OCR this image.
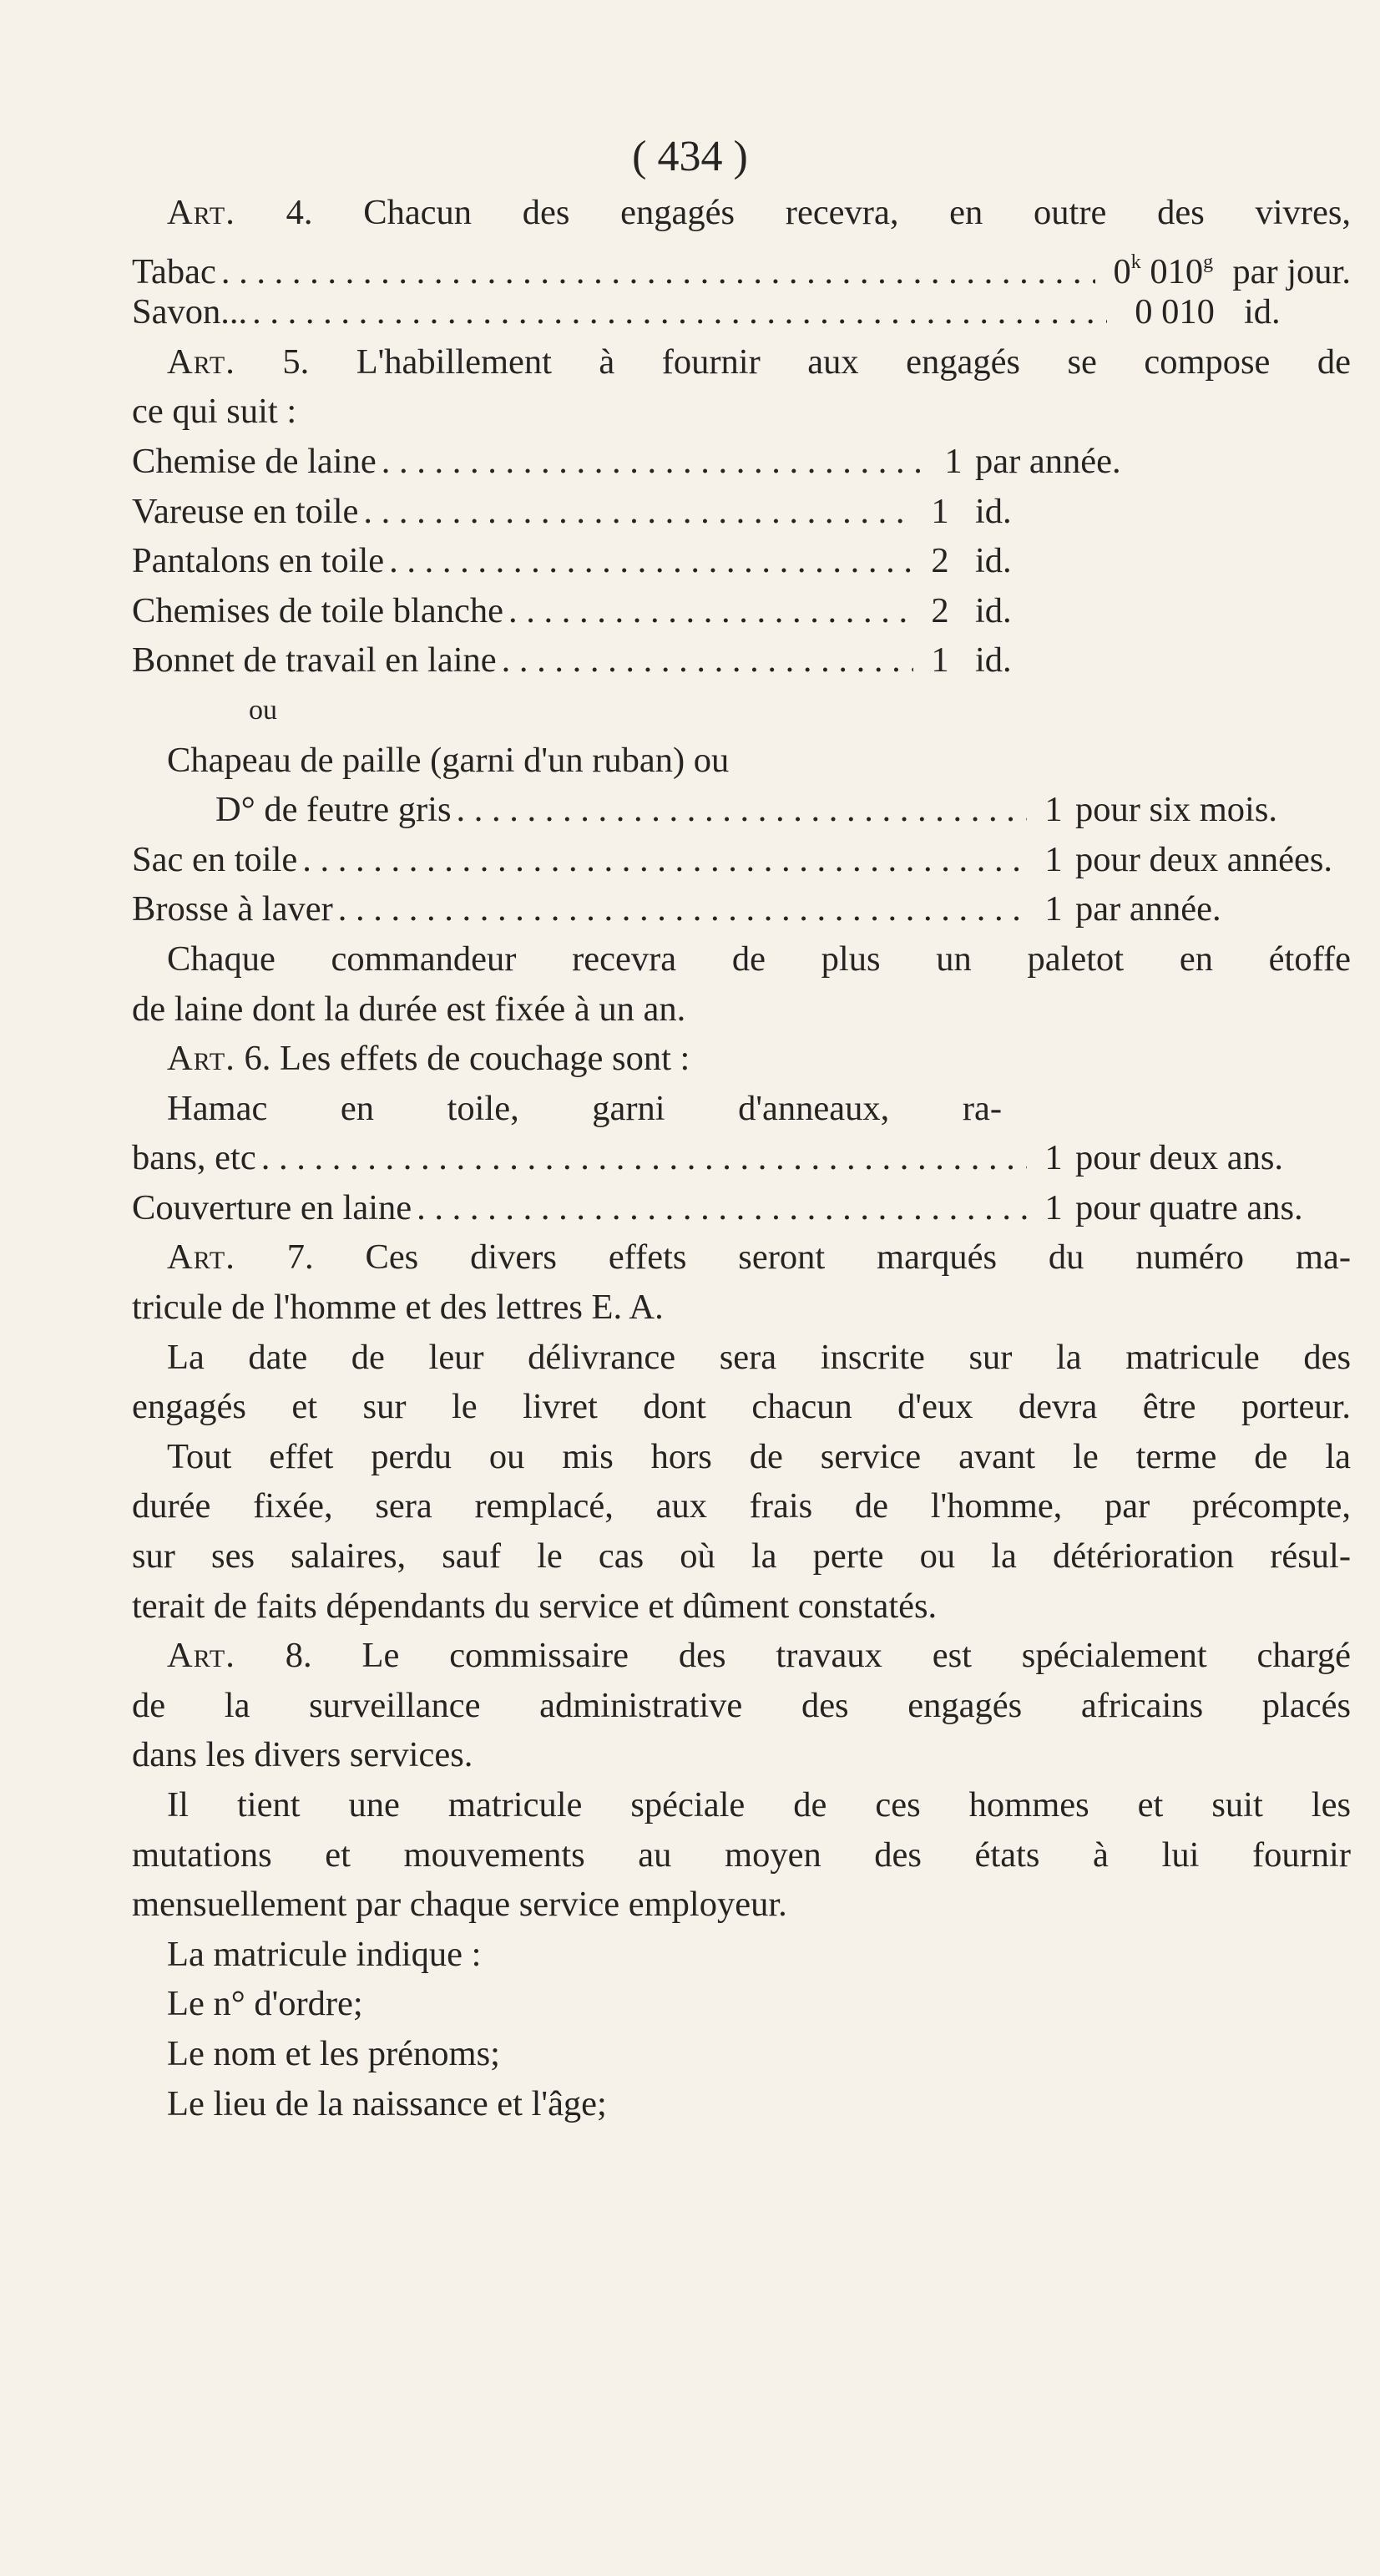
( 434 )
Art. 4. Chacun des engagés recevra, en outre des vivres,
Tabac . . .	0$^k$ 010$^g$ par jour.
Savon... . . .	0 010 id.
Art. 5. L'habillement à fournir aux engagés se compose de
ce qui suit :
Chemise de laine . . .	1 par année.
Vareuse en toile . . .	1 id.
Pantalons en toile . . .	2 id.
Chemises de toile blanche . . .	2 id.
Bonnet de travail en laine . . .	1 id.
ou
Chapeau de paille (garni d'un ruban) ou
D° de feutre gris . . .	1 pour six mois.
Sac en toile . . .	1 pour deux années.
Brosse à laver . . .	1 par année.
Chaque commandeur recevra de plus un paletot en étoffe
de laine dont la durée est fixée à un an.
Art. 6. Les effets de couchage sont :
Hamac en toile, garni d'anneaux, ra-
bans, etc . . .	1 pour deux ans.
Couverture en laine . . .	1 pour quatre ans.
Art. 7. Ces divers effets seront marqués du numéro ma-
tricule de l'homme et des lettres E. A.
La date de leur délivrance sera inscrite sur la matricule des
engagés et sur le livret dont chacun d'eux devra être porteur.
Tout effet perdu ou mis hors de service avant le terme de la
durée fixée, sera remplacé, aux frais de l'homme, par précompte,
sur ses salaires, sauf le cas où la perte ou la détérioration résul-
terait de faits dépendants du service et dûment constatés.
Art. 8. Le commissaire des travaux est spécialement chargé
de la surveillance administrative des engagés africains placés
dans les divers services.
Il tient une matricule spéciale de ces hommes et suit les
mutations et mouvements au moyen des états à lui fournir
mensuellement par chaque service employeur.
La matricule indique :
Le n° d'ordre;
Le nom et les prénoms;
Le lieu de la naissance et l'âge;
